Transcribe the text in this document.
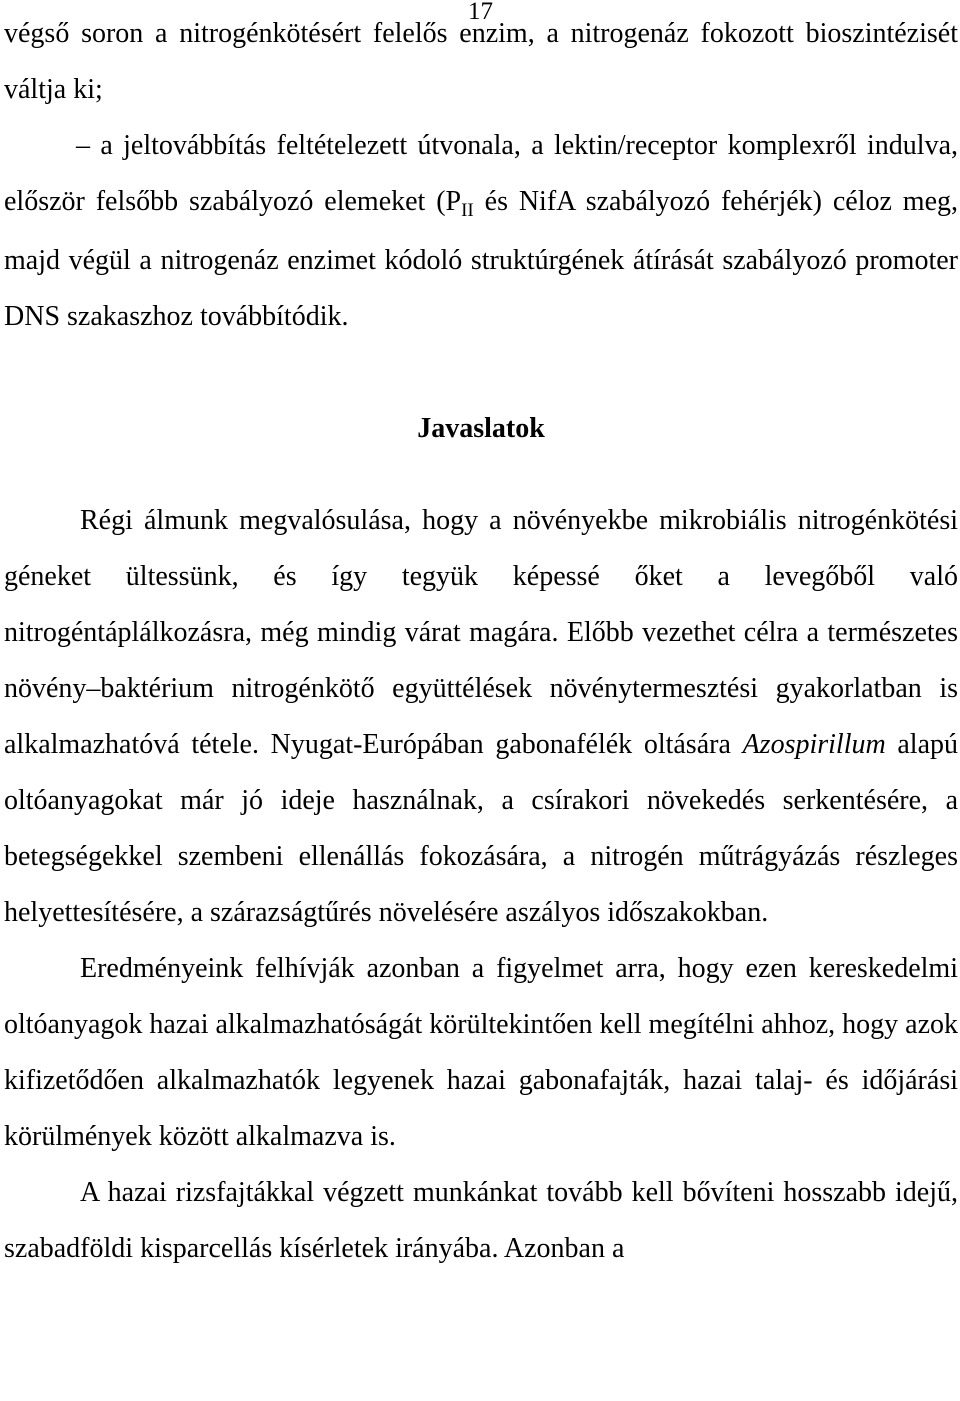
17

végső soron a nitrogénkötésért felelős enzim, a nitrogenáz fokozott bioszintézisét váltja ki;

– a jeltovábbítás feltételezett útvonala, a lektin/receptor komplexről indulva, először felsőbb szabályozó elemeket ($P_{II}$ és NifA szabályozó fehérjék) céloz meg, majd végül a nitrogenáz enzimet kódoló struktúrgének átírását szabályozó promoter DNS szakaszhoz továbbítódik.

Javaslatok

Régi álmunk megvalósulása, hogy a növényekbe mikrobiális nitrogénkötési géneket ültessünk, és így tegyük képessé őket a levegőből való nitrogéntáplálkozásra, még mindig várat magára. Előbb vezethet célra a természetes növény–baktérium nitrogénkötő együttélések növénytermesztési gyakorlatban is alkalmazhatóvá tétele. Nyugat-Európában gabonafélék oltására Azospirillum alapú oltóanyagokat már jó ideje használnak, a csírakori növekedés serkentésére, a betegségekkel szembeni ellenállás fokozására, a nitrogén műtrágyázás részleges helyettesítésére, a szárazságtűrés növelésére aszályos időszakokban.

Eredményeink felhívják azonban a figyelmet arra, hogy ezen kereskedelmi oltóanyagok hazai alkalmazhatóságát körültekintően kell megítélni ahhoz, hogy azok kifizetődően alkalmazhatók legyenek hazai gabonafajták, hazai talaj- és időjárási körülmények között alkalmazva is.

A hazai rizsfajtákkal végzett munkánkat tovább kell bővíteni hosszabb idejű, szabadföldi kisparcellás kísérletek irányába. Azonban a
